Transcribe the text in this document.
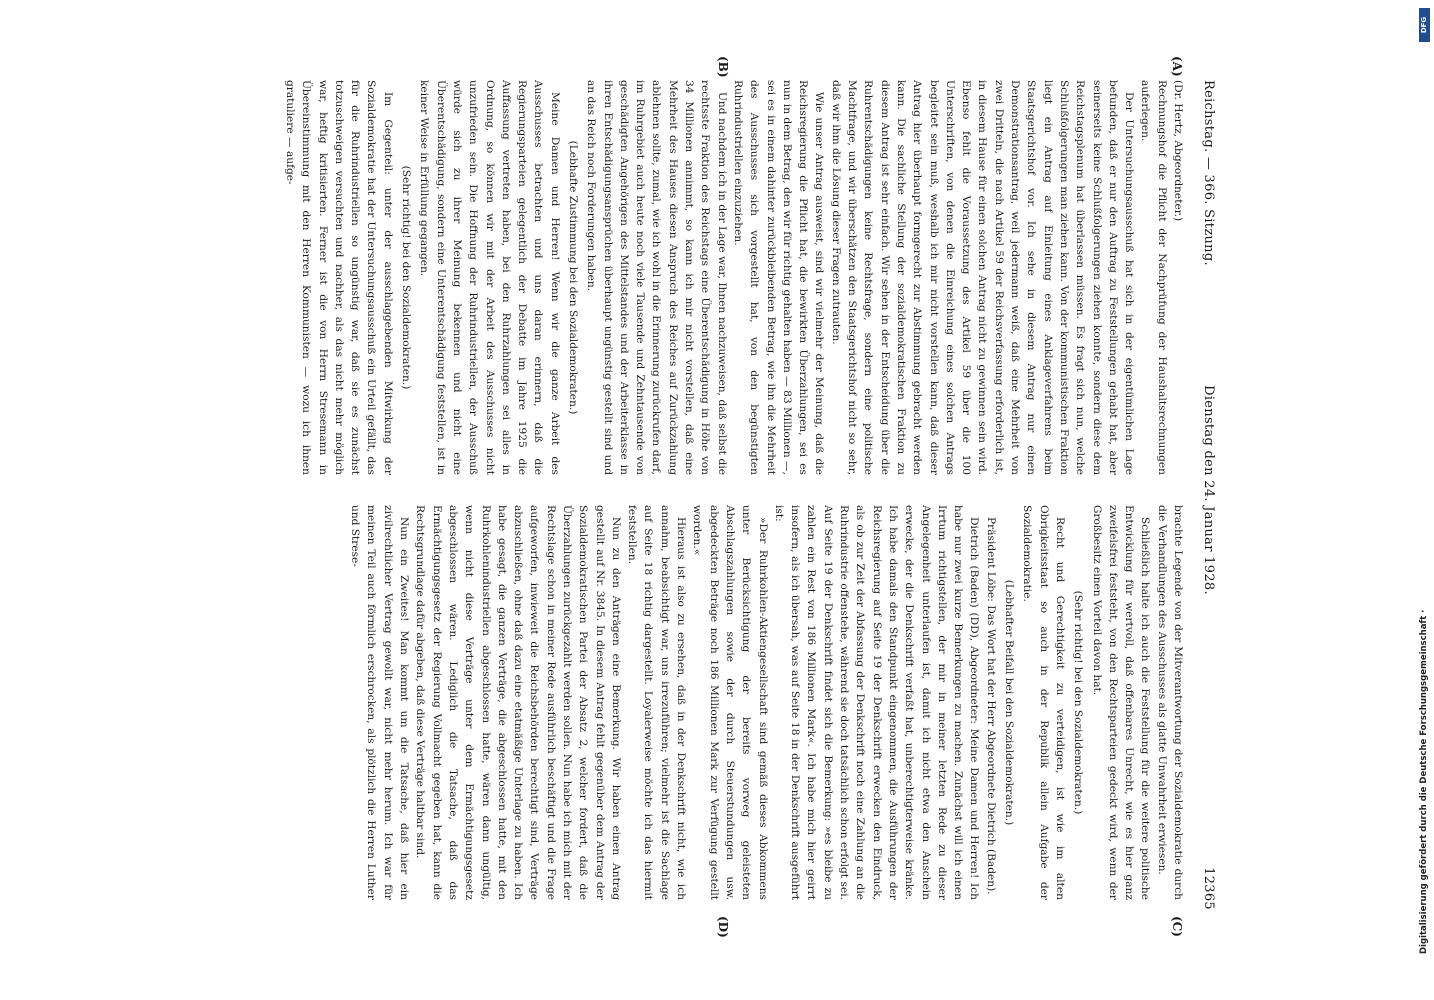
Reichstag. — 366. Sitzung.
Dienstag den 24. Januar 1928.
12365
(A)
(B)
(C)
(D)

(Dr. Hertz, Abgeordneter.)

Rechnungshof die Pflicht der Nachprüfung der Haushaltsrechnungen auferlegen.

Der Untersuchungsausschuß hat sich in der eigentümlichen Lage befunden, daß er nur den Auftrag zu Feststellungen gehabt hat, aber seinerseits keine Schlußfolgerungen ziehen konnte, sondern diese dem Reichstagsplenum hat überlassen müssen. Es fragt sich nun, welche Schlußfolgerungen man ziehen kann. Von der kommunistischen Fraktion liegt ein Antrag auf Einleitung eines Anklageverfahrens beim Staatsgerichtshof vor. Ich sehe in diesem Antrag nur einen Demonstrationsantrag, weil jedermann weiß, daß eine Mehrheit von zwei Dritteln, die nach Artikel 59 der Reichsverfassung erforderlich ist, in diesem Hause für einen solchen Antrag nicht zu gewinnen sein wird. Ebenso fehlt die Voraussetzung des Artikel 59 über die 100 Unterschriften, von denen die Einreichung eines solchen Antrags begleitet sein muß, weshalb ich mir nicht vorstellen kann, daß dieser Antrag hier überhaupt formgerecht zur Abstimmung gebracht werden kann. Die sachliche Stellung der sozialdemokratischen Fraktion zu diesem Antrag ist sehr einfach. Wir sehen in der Entscheidung über die Ruhrentschädigungen keine Rechtsfrage, sondern eine politische Machtfrage, und wir überschätzen den Staatsgerichtshof nicht so sehr, daß wir ihm die Lösung dieser Fragen zutrauten.

Wie unser Antrag ausweist, sind wir vielmehr der Meinung, daß die Reichsregierung die Pflicht hat, die bewirkten Überzahlungen, sei es nun in dem Betrag, den wir für richtig gehalten haben — 83 Millionen —, sei es in einem dahinter zurückbleibenden Betrag, wie ihn die Mehrheit des Ausschusses sich vorgestellt hat, von den begünstigten Ruhrindustriellen einzuziehen.

Und nachdem ich in der Lage war, Ihnen nachzuweisen, daß selbst die rechtsste Fraktion des Reichstags eine Überentschädigung in Höhe von 34 Millionen annimmt, so kann ich mir nicht vorstellen, daß eine Mehrheit des Hauses diesen Anspruch des Reiches auf Zurückzahlung ablehnen sollte, zumal, wie ich wohl in die Erinnerung zurückrufen darf, im Ruhrgebiet auch heute noch viele Tausende und Zehntausende von geschädigten Angehörigen des Mittelstandes und der Arbeiterklasse in ihren Entschädigungsansprüchen überhaupt ungünstig gestellt sind und an das Reich noch Forderungen haben.

(Lebhafte Zustimmung bei den Sozialdemokraten.)

Meine Damen und Herren! Wenn wir die ganze Arbeit des Ausschusses betrachten und uns daran erinnern, daß die Regierungsparteien gelegentlich der Debatte im Jahre 1925 die Auffassung vertreten haben, bei den Ruhrzahlungen sei alles in Ordnung, so können wir mit der Arbeit des Ausschusses nicht unzufrieden sein. Die Hoffnung der Ruhrindustriellen, der Ausschuß würde sich zu ihrer Meinung bekennen und nicht eine Überentschädigung, sondern eine Unterentschädigung feststellen, ist in keiner Weise in Erfüllung gegangen.

(Sehr richtig! bei den Sozialdemokraten.)

Im Gegenteil: unter der ausschlaggebenden Mitwirkung der Sozialdemokratie hat der Untersuchungsausschuß ein Urteil gefällt, das für die Ruhrindustriellen so ungünstig war, daß sie es zunächst totzuschweigen versuchten und nachher, als das nicht mehr möglich war, heftig kritisierten. Ferner ist die von Herrn Stresemann in Übereinstimmung mit den Herren Kommunisten — wozu ich ihnen gratuliere — aufge-

brachte Legende von der Mitverantwortung der Sozialdemokratie durch die Verhandlungen des Ausschusses als glatte Unwahrheit erwiesen.

Schließlich halte ich auch die Feststellung für die weitere politische Entwicklung für wertvoll, daß offenbares Unrecht, wie es hier ganz zweifelsfrei feststeht, von den Rechtsparteien gedeckt wird, wenn der Großbesitz einen Vorteil davon hat.

(Sehr richtig! bei den Sozialdemokraten.)

Recht und Gerechtigkeit zu verteidigen, ist wie im alten Obrigkeitsstaat so auch in der Republik allein Aufgabe der Sozialdemokratie.

(Lebhafter Beifall bei den Sozialdemokraten.)

Präsident Löbe: Das Wort hat der Herr Abgeordnete Dietrich (Baden).

Dietrich (Baden) (DD), Abgeordneter: Meine Damen und Herren! Ich habe nur zwei kurze Bemerkungen zu machen. Zunächst will ich einen Irrtum richtigstellen, der mir in meiner letzten Rede zu dieser Angelegenheit unterlaufen ist, damit ich nicht etwa den Anschein erwecke, der die Denkschrift verfaßt hat, unberechtigterweise kränke. Ich habe damals den Standpunkt eingenommen, die Ausführungen der Reichsregierung auf Seite 19 der Denkschrift erwecken den Eindruck, als ob zur Zeit der Abfassung der Denkschrift noch eine Zahlung an die Ruhrindustrie offenstehe, während sie doch tatsächlich schon erfolgt sei. Auf Seite 19 der Denkschrift findet sich die Bemerkung: »es bleibe zu zahlen ein Rest von 186 Millionen Mark«. Ich habe mich hier geirrt insofern, als ich übersah, was auf Seite 18 in der Denkschrift ausgeführt ist:

»Der Ruhrkohlen-Aktiengesellschaft sind gemäß dieses Abkommens unter Berücksichtigung der bereits vorweg geleisteten Abschlagszahlungen sowie der durch Steuerstundungen usw. abgedeckten Beträge noch 186 Millionen Mark zur Verfügung gestellt worden.«

Hieraus ist also zu ersehen, daß in der Denkschrift nicht, wie ich annahm, beabsichtigt war, uns irrezuführen; vielmehr ist die Sachlage auf Seite 18 richtig dargestellt. Loyalerweise möchte ich das hiermit feststellen.

Nun zu den Anträgen eine Bemerkung. Wir haben einen Antrag gestellt auf Nr. 3845. In diesem Antrag fehlt gegenüber dem Antrag der Sozialdemokratischen Partei der Absatz 2, welcher fordert, daß die Überzahlungen zurückgezahlt werden sollen. Nun habe ich mich mit der Rechtslage schon in meiner Rede ausführlich beschäftigt und die Frage aufgeworfen, inwieweit die Reichsbehörden berechtigt sind, Verträge abzuschließen, ohne daß dazu eine etatmäßige Unterlage zu haben. Ich habe gesagt, die ganzen Verträge, die abgeschlossen hatte, mit den Ruhrkohlenindustriellen abgeschlossen hatte, wären dann ungültig, wenn nicht diese Verträge unter dem Ermächtigungsgesetz abgeschlossen wären. Lediglich die Tatsache, daß das Ermächtigungsgesetz der Regierung Vollmacht gegeben hat, kann die Rechtsgrundlage dafür abgeben, daß diese Verträge haltbar sind.

Nun ein Zweites! Man kommt um die Tatsache, daß hier ein zivilrechtlicher Vertrag gewollt war, nicht mehr herum. Ich war für meinen Teil auch förmlich erschrocken, als plötzlich die Herren Luther und Strese-

Digitalisierung gefördert durch die Deutsche Forschungsgemeinschaft ·
DFG
